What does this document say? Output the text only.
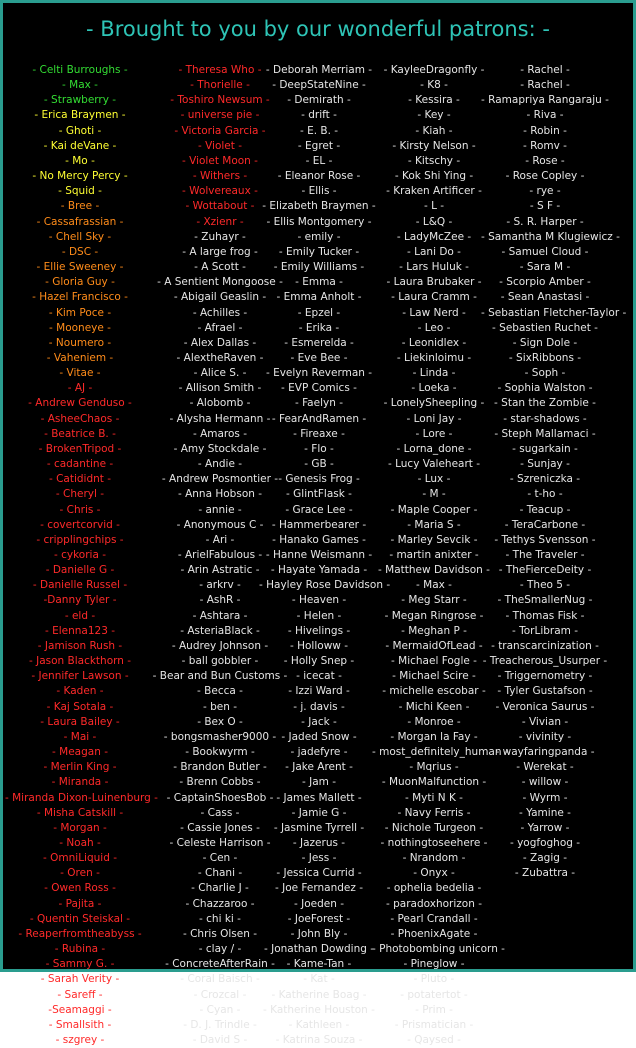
- Brought to you by our wonderful patrons: -
- Celti Burroughs -
- Max -
- Strawberry -
- Erica Braymen -
- Ghoti -
- Kai deVane -
- Mo -
- No Mercy Percy -
- Squid -
- Bree -
- Cassafrassian -
- Chell Sky -
- DSC -
- Ellie Sweeney -
- Gloria Guy -
- Hazel Francisco -
- Kim Poce -
- Mooneye -
- Noumero -
- Vaheniem -
- Vitae -
- AJ -
- Andrew Genduso -
- AsheeChaos -
- Beatrice B. -
- BrokenTripod -
- cadantine -
- Catididnt -
- Cheryl -
- Chris -
- covertcorvid -
- cripplingchips -
- cykoria -
- Danielle G -
- Danielle Russel -
-Danny Tyler -
- eld -
- Elenna123 -
- Jamison Rush -
- Jason Blackthorn -
- Jennifer Lawson -
- Kaden -
- Kaj Sotala -
- Laura Bailey -
- Mai -
- Meagan -
- Merlin King -
- Miranda -
- Miranda Dixon-Luinenburg -
- Misha Catskill -
- Morgan -
- Noah -
- OmniLiquid -
- Oren -
- Owen Ross -
- Pajita -
- Quentin Steiskal -
- Reaperfromtheabyss -
- Rubina -
- Sammy G. -
- Sarah Verity -
- Sareff -
-Seamaggi -
- Smallsith -
- szgrey -
- Theresa Who -
- Thorielle -
- Toshiro Newsum -
- universe pie -
- Victoria Garcia -
- Violet -
- Violet Moon -
- Withers -
- Wolvereaux -
- Wottabout -
- Xzienr -
- Zuhayr -
- A large frog -
- A Scott -
- A Sentient Mongoose -
- Abigail Geaslin -
- Achilles -
- Afrael -
- Alex Dallas -
- AlextheRaven -
- Alice S. -
- Allison Smith -
- Alobomb -
- Alysha Hermann -
- Amaros -
- Amy Stockdale -
- Andie -
- Andrew Posmontier -
- Anna Hobson -
- annie -
- Anonymous C -
- Ari -
- ArielFabulous -
- Arin Astratic -
- arkrv -
- AshR -
- Ashtara -
- AsteriaBlack -
- Audrey Johnson -
- ball gobbler -
- Bear and Bun Customs -
- Becca -
- ben -
- Bex O -
- bongsmasher9000 -
- Bookwyrm -
- Brandon Butler -
- Brenn Cobbs -
- CaptainShoesBob -
- Cass -
- Cassie Jones -
- Celeste Harrison -
- Cen -
- Chani -
- Charlie J -
- Chazzaroo -
- chi ki -
- Chris Olsen -
- clay / -
- ConcreteAfterRain -
- Coral Baisch -
- Crozcal -
- Cyan -
- D. J. Trindle -
- David S -
- Deborah Merriam -
- DeepStateNine -
- Demirath -
- drift -
- E. B. -
- Egret -
- EL -
- Eleanor Rose -
- Ellis -
- Elizabeth Braymen -
- Ellis Montgomery -
- emily -
- Emily Tucker -
- Emily Williams -
- Emma -
- Emma Anholt -
- Epzel -
- Erika -
- Esmerelda -
- Eve Bee -
- Evelyn Reverman -
- EVP Comics -
- Faelyn -
- FearAndRamen -
- Fireaxe -
- Flo -
- GB -
- Genesis Frog -
- GlintFlask -
- Grace Lee -
- Hammerbearer -
- Hanako Games -
- Hanne Weismann -
- Hayate Yamada -
- Hayley Rose Davidson -
- Heaven -
- Helen -
- Hivelings -
- Holloww -
- Holly Snep -
- icecat -
- Izzi Ward -
- j. davis -
- Jack -
- Jaded Snow -
- jadefyre -
- Jake Arent -
- Jam -
- James Mallett -
- Jamie G -
- Jasmine Tyrrell -
- Jazerus -
- Jess -
- Jessica Currid -
- Joe Fernandez -
- Joeden -
- JoeForest -
- John Bly -
- Jonathan Dowding -
- Kame-Tan -
- Kat -
- Katherine Boag -
- Katherine Houston -
- Kathleen -
- Katrina Souza -
- KayleeDragonfly -
- K8 -
- Kessira -
- Key -
- Kiah -
- Kirsty Nelson -
- Kitschy -
- Kok Shi Ying -
- Kraken Artificer -
- L -
- L&Q -
- LadyMcZee -
- Lani Do -
- Lars Huluk -
- Laura Brubaker -
- Laura Cramm -
- Law Nerd -
- Leo -
- Leonidlex -
- Liekinloimu -
- Linda -
- Loeka -
- LonelySheepling -
- Loni Jay -
- Lore -
- Lorna_done -
- Lucy Valeheart -
- Lux -
- M -
- Maple Cooper -
- Maria S -
- Marley Sevcik -
- martin anixter -
- Matthew Davidson -
- Max -
- Meg Starr -
- Megan Ringrose -
- Meghan P -
- MermaidOfLead -
- Michael Fogle -
- Michael Scire -
- michelle escobar -
- Michi Keen -
- Monroe -
- Morgan la Fay -
- most_definitely_human -
- Mqrius -
- MuonMalfunction -
- Myti N K -
- Navy Ferris -
- Nichole Turgeon -
- nothingtoseehere -
- Nrandom -
- Onyx -
- ophelia bedelia -
- paradoxhorizon -
- Pearl Crandall -
- PhoenixAgate -
- Photobombing unicorn -
- Pineglow -
- Pluto -
- potatertot -
- Prim -
- Prismatician -
- Qaysed -
- Rachel -
- Rachel -
- Ramapriya Rangaraju -
- Riva -
- Robin -
- Romv -
- Rose -
- Rose Copley -
- rye -
- S F -
- S. R. Harper -
- Samantha M Klugiewicz -
- Samuel Cloud -
- Sara M -
- Scorpio Amber -
- Sean Anastasi -
- Sebastian Fletcher-Taylor -
- Sebastien Ruchet -
- Sign Dole -
- SixRibbons -
- Soph -
- Sophia Walston -
- Stan the Zombie -
- star-shadows -
- Steph Mallamaci -
- sugarkain -
- Sunjay -
- Szreniczka -
- t-ho -
- Teacup -
- TeraCarbone -
- Tethys Svensson -
- The Traveler -
- TheFierceDeity -
- Theo 5 -
- TheSmallerNug -
- Thomas Fisk -
- TorLibram -
- transcarcinization -
- Treacherous_Usurper -
- Triggernometry -
- Tyler Gustafson -
- Veronica Saurus -
- Vivian -
- vivinity -
- wayfaringpanda -
- Werekat -
- willow -
- Wyrm -
- Yamine -
- Yarrow -
- yogfoghog -
- Zagig -
- Zubattra -
